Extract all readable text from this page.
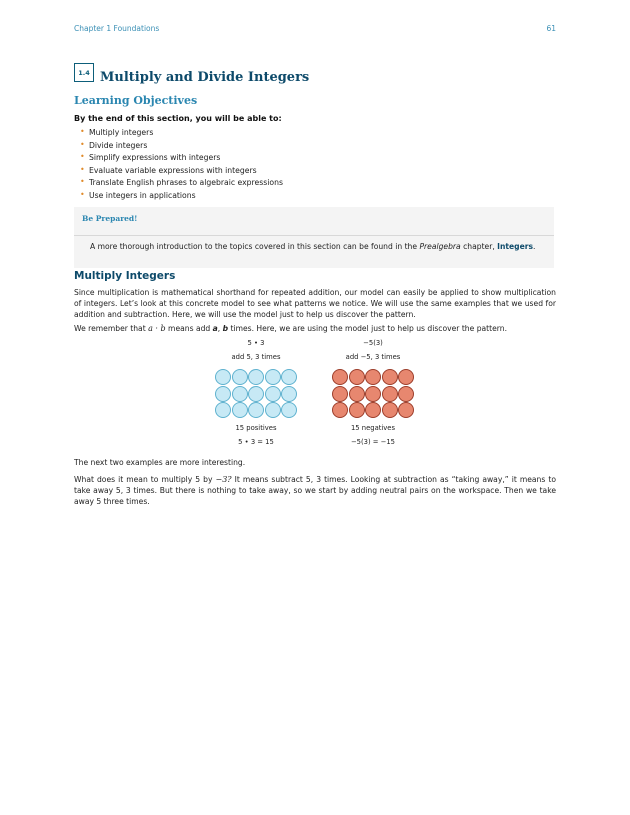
Chapter 1 Foundations	61
1.4 Multiply and Divide Integers
Learning Objectives
By the end of this section, you will be able to:
• Multiply integers
• Divide integers
• Simplify expressions with integers
• Evaluate variable expressions with integers
• Translate English phrases to algebraic expressions
• Use integers in applications
Be Prepared!
A more thorough introduction to the topics covered in this section can be found in the Prealgebra chapter, Integers.
Multiply Integers
Since multiplication is mathematical shorthand for repeated addition, our model can easily be applied to show multiplication of integers. Let’s look at this concrete model to see what patterns we notice. We will use the same examples that we used for addition and subtraction. Here, we will use the model just to help us discover the pattern.
We remember that a · b means add a, b times. Here, we are using the model just to help us discover the pattern.
5 • 3
add 5, 3 times
15 positives
5 • 3 = 15
−5(3)
add −5, 3 times
15 negatives
−5(3) = −15
The next two examples are more interesting.
What does it mean to multiply 5 by −3? It means subtract 5, 3 times. Looking at subtraction as “taking away,” it means to take away 5, 3 times. But there is nothing to take away, so we start by adding neutral pairs on the workspace. Then we take away 5 three times.
